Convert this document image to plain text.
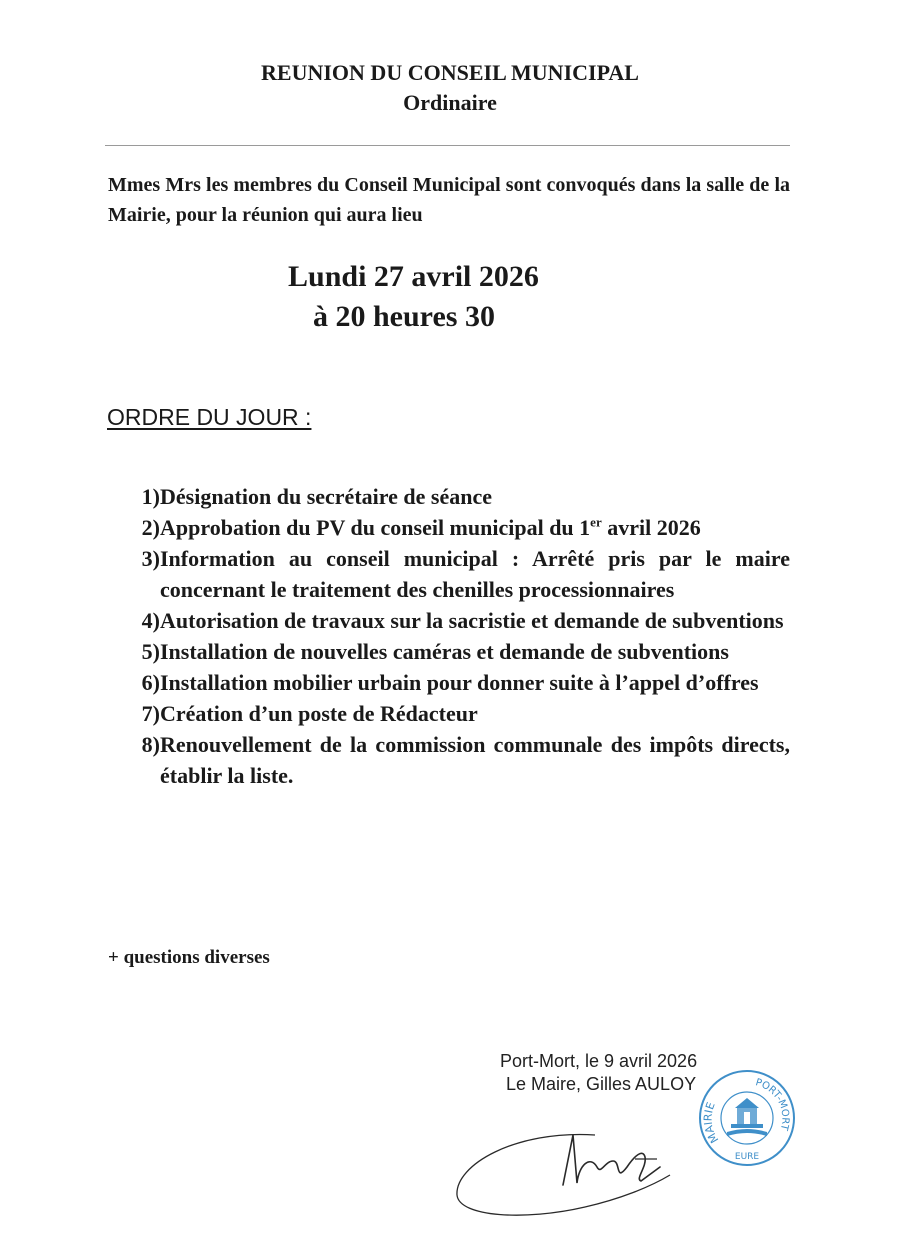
REUNION DU CONSEIL MUNICIPAL
Ordinaire
Mmes Mrs les membres du Conseil Municipal sont convoqués dans la salle de la Mairie, pour la réunion qui aura lieu
Lundi 27 avril 2026
à 20 heures 30
ORDRE DU JOUR :
1) Désignation du secrétaire de séance
2) Approbation du PV du conseil municipal du 1er avril 2026
3) Information au conseil municipal : Arrêté pris par le maire concernant le traitement des chenilles processionnaires
4) Autorisation de travaux sur la sacristie et demande de subventions
5) Installation de nouvelles caméras et demande de subventions
6) Installation mobilier urbain pour donner suite à l’appel d’offres
7) Création d’un poste de Rédacteur
8) Renouvellement de la commission communale des impôts directs, établir la liste.
+ questions diverses
Port-Mort, le 9 avril 2026
Le Maire, Gilles AULOY
MAIRIE
PORT-MORT
EURE
